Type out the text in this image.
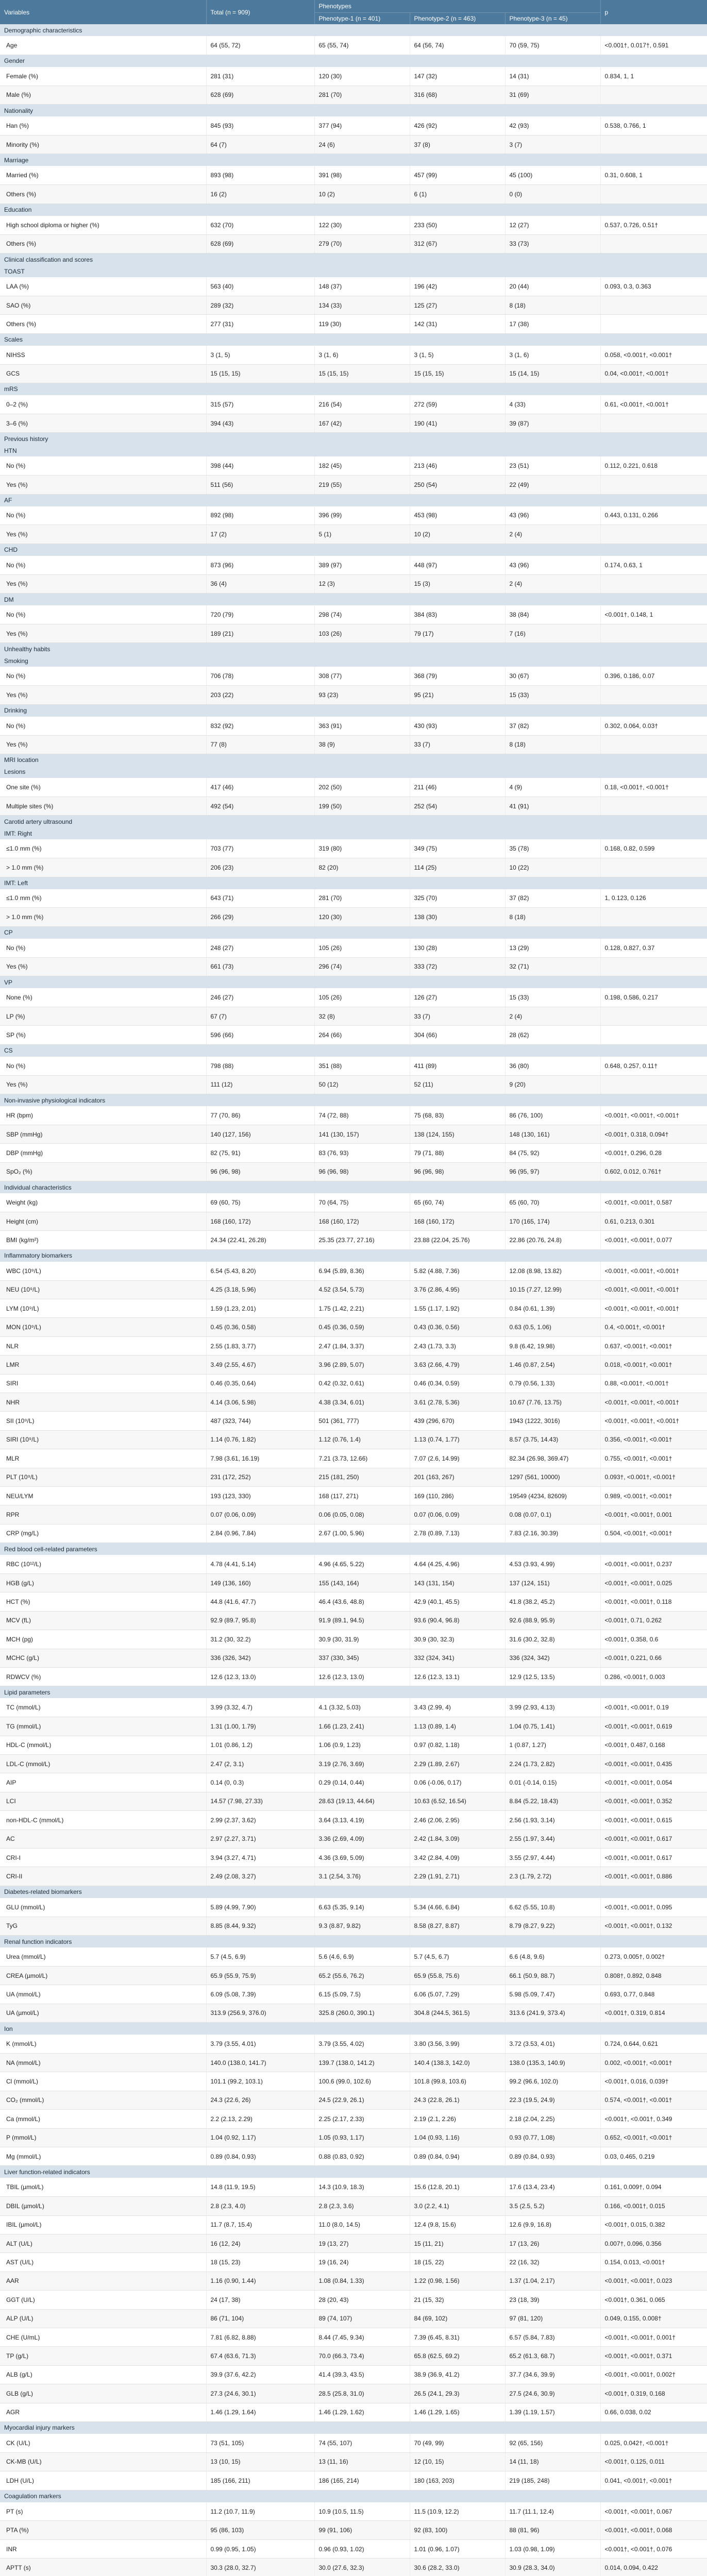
Variables	Total (n = 909)	Phenotypes			p
		Phenotype-1 (n = 401)	Phenotype-2 (n = 463)	Phenotype-3 (n = 45)	
Demographic characteristics					
Age	64 (55, 72)	65 (55, 74)	64 (56, 74)	70 (59, 75)	<0.001†, 0.017†, 0.591
Gender					
Female (%)	281 (31)	120 (30)	147 (32)	14 (31)	0.834, 1, 1
Male (%)	628 (69)	281 (70)	316 (68)	31 (69)	
Nationality					
Han (%)	845 (93)	377 (94)	426 (92)	42 (93)	0.538, 0.766, 1
Minority (%)	64 (7)	24 (6)	37 (8)	3 (7)	
Marriage					
Married (%)	893 (98)	391 (98)	457 (99)	45 (100)	0.31, 0.608, 1
Others (%)	16 (2)	10 (2)	6 (1)	0 (0)	
Education					
High school diploma or higher (%)	632 (70)	122 (30)	233 (50)	12 (27)	0.537, 0.726, 0.51†
Others (%)	628 (69)	279 (70)	312 (67)	33 (73)	
Clinical classification and scores					
TOAST					
LAA (%)	563 (40)	148 (37)	196 (42)	20 (44)	0.093, 0.3, 0.363
SAO (%)	289 (32)	134 (33)	125 (27)	8 (18)	
Others (%)	277 (31)	119 (30)	142 (31)	17 (38)	
Scales					
NIHSS	3 (1, 5)	3 (1, 6)	3 (1, 5)	3 (1, 6)	0.058, <0.001†, <0.001†
GCS	15 (15, 15)	15 (15, 15)	15 (15, 15)	15 (14, 15)	0.04, <0.001†, <0.001†
mRS					
0–2 (%)	315 (57)	216 (54)	272 (59)	4 (33)	0.61, <0.001†, <0.001†
3–6 (%)	394 (43)	167 (42)	190 (41)	39 (87)	
Previous history					
HTN					
No (%)	398 (44)	182 (45)	213 (46)	23 (51)	0.112, 0.221, 0.618
Yes (%)	511 (56)	219 (55)	250 (54)	22 (49)	
AF					
No (%)	892 (98)	396 (99)	453 (98)	43 (96)	0.443, 0.131, 0.266
Yes (%)	17 (2)	5 (1)	10 (2)	2 (4)	
CHD					
No (%)	873 (96)	389 (97)	448 (97)	43 (96)	0.174, 0.63, 1
Yes (%)	36 (4)	12 (3)	15 (3)	2 (4)	
DM					
No (%)	720 (79)	298 (74)	384 (83)	38 (84)	<0.001†, 0.148, 1
Yes (%)	189 (21)	103 (26)	79 (17)	7 (16)	
Unhealthy habits					
Smoking					
No (%)	706 (78)	308 (77)	368 (79)	30 (67)	0.396, 0.186, 0.07
Yes (%)	203 (22)	93 (23)	95 (21)	15 (33)	
Drinking					
No (%)	832 (92)	363 (91)	430 (93)	37 (82)	0.302, 0.064, 0.03†
Yes (%)	77 (8)	38 (9)	33 (7)	8 (18)	
MRI location					
Lesions					
One site (%)	417 (46)	202 (50)	211 (46)	4 (9)	0.18, <0.001†, <0.001†
Multiple sites (%)	492 (54)	199 (50)	252 (54)	41 (91)	
Carotid artery ultrasound					
IMT: Right					
≤1.0 mm (%)	703 (77)	319 (80)	349 (75)	35 (78)	0.168, 0.82, 0.599
> 1.0 mm (%)	206 (23)	82 (20)	114 (25)	10 (22)	
IMT: Left					
≤1.0 mm (%)	643 (71)	281 (70)	325 (70)	37 (82)	1, 0.123, 0.126
> 1.0 mm (%)	266 (29)	120 (30)	138 (30)	8 (18)	
CP					
No (%)	248 (27)	105 (26)	130 (28)	13 (29)	0.128, 0.827, 0.37
Yes (%)	661 (73)	296 (74)	333 (72)	32 (71)	
VP					
None (%)	246 (27)	105 (26)	126 (27)	15 (33)	0.198, 0.586, 0.217
LP (%)	67 (7)	32 (8)	33 (7)	2 (4)	
SP (%)	596 (66)	264 (66)	304 (66)	28 (62)	
CS					
No (%)	798 (88)	351 (88)	411 (89)	36 (80)	0.648, 0.257, 0.11†
Yes (%)	111 (12)	50 (12)	52 (11)	9 (20)	
Non-invasive physiological indicators					
HR (bpm)	77 (70, 86)	74 (72, 88)	75 (68, 83)	86 (76, 100)	<0.001†, <0.001†, <0.001†
SBP (mmHg)	140 (127, 156)	141 (130, 157)	138 (124, 155)	148 (130, 161)	<0.001†, 0.318, 0.094†
DBP (mmHg)	82 (75, 91)	83 (76, 93)	79 (71, 88)	84 (75, 92)	<0.001†, 0.296, 0.28
SpO₂ (%)	96 (96, 98)	96 (96, 98)	96 (96, 98)	96 (95, 97)	0.602, 0.012, 0.761†
Individual characteristics					
Weight (kg)	69 (60, 75)	70 (64, 75)	65 (60, 74)	65 (60, 70)	<0.001†, <0.001†, 0.587
Height (cm)	168 (160, 172)	168 (160, 172)	168 (160, 172)	170 (165, 174)	0.61, 0.213, 0.301
BMI (kg/m²)	24.34 (22.41, 26.28)	25.35 (23.77, 27.16)	23.88 (22.04, 25.76)	22.86 (20.76, 24.8)	<0.001†, <0.001†, 0.077
Inflammatory biomarkers					
WBC (10⁹/L)	6.54 (5.43, 8.20)	6.94 (5.89, 8.36)	5.82 (4.88, 7.36)	12.08 (8.98, 13.82)	<0.001†, <0.001†, <0.001†
NEU (10⁹/L)	4.25 (3.18, 5.96)	4.52 (3.54, 5.73)	3.76 (2.86, 4.95)	10.15 (7.27, 12.99)	<0.001†, <0.001†, <0.001†
LYM (10⁹/L)	1.59 (1.23, 2.01)	1.75 (1.42, 2.21)	1.55 (1.17, 1.92)	0.84 (0.61, 1.39)	<0.001†, <0.001†, <0.001†
MON (10⁹/L)	0.45 (0.36, 0.58)	0.45 (0.36, 0.59)	0.43 (0.36, 0.56)	0.63 (0.5, 1.06)	0.4, <0.001†, <0.001†
NLR	2.55 (1.83, 3.77)	2.47 (1.84, 3.37)	2.43 (1.73, 3.3)	9.8 (6.42, 19.98)	0.637, <0.001†, <0.001†
LMR	3.49 (2.55, 4.67)	3.96 (2.89, 5.07)	3.63 (2.66, 4.79)	1.46 (0.87, 2.54)	0.018, <0.001†, <0.001†
SIRI	0.46 (0.35, 0.64)	0.42 (0.32, 0.61)	0.46 (0.34, 0.59)	0.79 (0.56, 1.33)	0.88, <0.001†, <0.001†
NHR	4.14 (3.06, 5.98)	4.38 (3.34, 6.01)	3.61 (2.78, 5.36)	10.67 (7.76, 13.75)	<0.001†, <0.001†, <0.001†
SII (10⁹/L)	487 (323, 744)	501 (361, 777)	439 (296, 670)	1943 (1222, 3016)	<0.001†, <0.001†, <0.001†
SIRI (10⁹/L)	1.14 (0.76, 1.82)	1.12 (0.76, 1.4)	1.13 (0.74, 1.77)	8.57 (3.75, 14.43)	0.356, <0.001†, <0.001†
MLR	7.98 (3.61, 16.19)	7.21 (3.73, 12.66)	7.07 (2.6, 14.99)	82.34 (26.98, 369.47)	0.755, <0.001†, <0.001†
PLT (10⁹/L)	231 (172, 252)	215 (181, 250)	201 (163, 267)	1297 (561, 10000)	0.093†, <0.001†, <0.001†
NEU/LYM	193 (123, 330)	168 (117, 271)	169 (110, 286)	19549 (4234, 82609)	0.989, <0.001†, <0.001†
RPR	0.07 (0.06, 0.09)	0.06 (0.05, 0.08)	0.07 (0.06, 0.09)	0.08 (0.07, 0.1)	<0.001†, <0.001†, 0.001
CRP (mg/L)	2.84 (0.96, 7.84)	2.67 (1.00, 5.96)	2.78 (0.89, 7.13)	7.83 (2.16, 30.39)	0.504, <0.001†, <0.001†
Red blood cell-related parameters					
RBC (10¹²/L)	4.78 (4.41, 5.14)	4.96 (4.65, 5.22)	4.64 (4.25, 4.96)	4.53 (3.93, 4.99)	<0.001†, <0.001†, 0.237
HGB (g/L)	149 (136, 160)	155 (143, 164)	143 (131, 154)	137 (124, 151)	<0.001†, <0.001†, 0.025
HCT (%)	44.8 (41.6, 47.7)	46.4 (43.6, 48.8)	42.9 (40.1, 45.5)	41.8 (38.2, 45.2)	<0.001†, <0.001†, 0.118
MCV (fL)	92.9 (89.7, 95.8)	91.9 (89.1, 94.5)	93.6 (90.4, 96.8)	92.6 (88.9, 95.9)	<0.001†, 0.71, 0.262
MCH (pg)	31.2 (30, 32.2)	30.9 (30, 31.9)	30.9 (30, 32.3)	31.6 (30.2, 32.8)	<0.001†, 0.358, 0.6
MCHC (g/L)	336 (326, 342)	337 (330, 345)	332 (324, 341)	336 (324, 342)	<0.001†, 0.221, 0.66
RDWCV (%)	12.6 (12.3, 13.0)	12.6 (12.3, 13.0)	12.6 (12.3, 13.1)	12.9 (12.5, 13.5)	0.286, <0.001†, 0.003
Lipid parameters					
TC (mmol/L)	3.99 (3.32, 4.7)	4.1 (3.32, 5.03)	3.43 (2.99, 4)	3.99 (2.93, 4.13)	<0.001†, <0.001†, 0.19
TG (mmol/L)	1.31 (1.00, 1.79)	1.66 (1.23, 2.41)	1.13 (0.89, 1.4)	1.04 (0.75, 1.41)	<0.001†, <0.001†, 0.619
HDL-C (mmol/L)	1.01 (0.86, 1.2)	1.06 (0.9, 1.23)	0.97 (0.82, 1.18)	1 (0.87, 1.27)	<0.001†, 0.487, 0.168
LDL-C (mmol/L)	2.47 (2, 3.1)	3.19 (2.76, 3.69)	2.29 (1.89, 2.67)	2.24 (1.73, 2.82)	<0.001†, <0.001†, 0.435
AIP	0.14 (0, 0.3)	0.29 (0.14, 0.44)	0.06 (-0.06, 0.17)	0.01 (-0.14, 0.15)	<0.001†, <0.001†, 0.054
LCI	14.57 (7.98, 27.33)	28.63 (19.13, 44.64)	10.63 (6.52, 16.54)	8.84 (5.22, 18.43)	<0.001†, <0.001†, 0.352
non-HDL-C (mmol/L)	2.99 (2.37, 3.62)	3.64 (3.13, 4.19)	2.46 (2.06, 2.95)	2.56 (1.93, 3.14)	<0.001†, <0.001†, 0.615
AC	2.97 (2.27, 3.71)	3.36 (2.69, 4.09)	2.42 (1.84, 3.09)	2.55 (1.97, 3.44)	<0.001†, <0.001†, 0.617
CRI-I	3.94 (3.27, 4.71)	4.36 (3.69, 5.09)	3.42 (2.84, 4.09)	3.55 (2.97, 4.44)	<0.001†, <0.001†, 0.617
CRI-II	2.49 (2.08, 3.27)	3.1 (2.54, 3.76)	2.29 (1.91, 2.71)	2.3 (1.79, 2.72)	<0.001†, <0.001†, 0.886
Diabetes-related biomarkers					
GLU (mmol/L)	5.89 (4.99, 7.90)	6.63 (5.35, 9.14)	5.34 (4.66, 6.84)	6.62 (5.55, 10.8)	<0.001†, <0.001†, 0.095
TyG	8.85 (8.44, 9.32)	9.3 (8.87, 9.82)	8.58 (8.27, 8.87)	8.79 (8.27, 9.22)	<0.001†, <0.001†, 0.132
Renal function indicators					
Urea (mmol/L)	5.7 (4.5, 6.9)	5.6 (4.6, 6.9)	5.7 (4.5, 6.7)	6.6 (4.8, 9.6)	0.273, 0.005†, 0.002†
CREA (µmol/L)	65.9 (55.9, 75.9)	65.2 (55.6, 76.2)	65.9 (55.8, 75.6)	66.1 (50.9, 88.7)	0.808†, 0.892, 0.848
UA (mmol/L)	6.09 (5.08, 7.39)	6.15 (5.09, 7.5)	6.06 (5.07, 7.29)	5.98 (5.09, 7.47)	0.693, 0.77, 0.848
UA (µmol/L)	313.9 (256.9, 376.0)	325.8 (260.0, 390.1)	304.8 (244.5, 361.5)	313.6 (241.9, 373.4)	<0.001†, 0.319, 0.814
Ion					
K (mmol/L)	3.79 (3.55, 4.01)	3.79 (3.55, 4.02)	3.80 (3.56, 3.99)	3.72 (3.53, 4.01)	0.724, 0.644, 0.621
NA (mmol/L)	140.0 (138.0, 141.7)	139.7 (138.0, 141.2)	140.4 (138.3, 142.0)	138.0 (135.3, 140.9)	0.002, <0.001†, <0.001†
Cl (mmol/L)	101.1 (99.2, 103.1)	100.6 (99.0, 102.6)	101.8 (99.8, 103.6)	99.2 (96.6, 102.0)	<0.001†, 0.016, 0.039†
CO₂ (mmol/L)	24.3 (22.6, 26)	24.5 (22.9, 26.1)	24.3 (22.8, 26.1)	22.3 (19.5, 24.9)	0.574, <0.001†, <0.001†
Ca (mmol/L)	2.2 (2.13, 2.29)	2.25 (2.17, 2.33)	2.19 (2.1, 2.26)	2.18 (2.04, 2.25)	<0.001†, <0.001†, 0.349
P (mmol/L)	1.04 (0.92, 1.17)	1.05 (0.93, 1.17)	1.04 (0.93, 1.16)	0.93 (0.77, 1.08)	0.652, <0.001†, <0.001†
Mg (mmol/L)	0.89 (0.84, 0.93)	0.88 (0.83, 0.92)	0.89 (0.84, 0.94)	0.89 (0.84, 0.93)	0.03, 0.465, 0.219
Liver function-related indicators					
TBIL (µmol/L)	14.8 (11.9, 19.5)	14.3 (10.9, 18.3)	15.6 (12.8, 20.1)	17.6 (13.4, 23.4)	0.161, 0.009†, 0.094
DBIL (µmol/L)	2.8 (2.3, 4.0)	2.8 (2.3, 3.6)	3.0 (2.2, 4.1)	3.5 (2.5, 5.2)	0.166, <0.001†, 0.015
IBIL (µmol/L)	11.7 (8.7, 15.4)	11.0 (8.0, 14.5)	12.4 (9.8, 15.6)	12.6 (9.9, 16.8)	<0.001†, 0.015, 0.382
ALT (U/L)	16 (12, 24)	19 (13, 27)	15 (11, 21)	17 (13, 26)	0.007†, 0.096, 0.356
AST (U/L)	18 (15, 23)	19 (16, 24)	18 (15, 22)	22 (16, 32)	0.154, 0.013, <0.001†
AAR	1.16 (0.90, 1.44)	1.08 (0.84, 1.33)	1.22 (0.98, 1.56)	1.37 (1.04, 2.17)	<0.001†, <0.001†, 0.023
GGT (U/L)	24 (17, 38)	28 (20, 43)	21 (15, 32)	23 (18, 39)	<0.001†, 0.361, 0.065
ALP (U/L)	86 (71, 104)	89 (74, 107)	84 (69, 102)	97 (81, 120)	0.049, 0.155, 0.008†
CHE (U/mL)	7.81 (6.82, 8.88)	8.44 (7.45, 9.34)	7.39 (6.45, 8.31)	6.57 (5.84, 7.83)	<0.001†, <0.001†, 0.001†
TP (g/L)	67.4 (63.6, 71.3)	70.0 (66.3, 73.4)	65.8 (62.5, 69.2)	65.2 (61.3, 68.7)	<0.001†, <0.001†, 0.371
ALB (g/L)	39.9 (37.6, 42.2)	41.4 (39.3, 43.5)	38.9 (36.9, 41.2)	37.7 (34.6, 39.9)	<0.001†, <0.001†, 0.002†
GLB (g/L)	27.3 (24.6, 30.1)	28.5 (25.8, 31.0)	26.5 (24.1, 29.3)	27.5 (24.6, 30.9)	<0.001†, 0.319, 0.168
AGR	1.46 (1.29, 1.64)	1.46 (1.29, 1.62)	1.46 (1.29, 1.65)	1.39 (1.19, 1.57)	0.66, 0.038, 0.02
Myocardial injury markers					
CK (U/L)	73 (51, 105)	74 (55, 107)	70 (49, 99)	92 (65, 156)	0.025, 0.042†, <0.001†
CK-MB (U/L)	13 (10, 15)	13 (11, 16)	12 (10, 15)	14 (11, 18)	<0.001†, 0.125, 0.011
LDH (U/L)	185 (166, 211)	186 (165, 214)	180 (163, 203)	219 (185, 248)	0.041, <0.001†, <0.001†
Coagulation markers					
PT (s)	11.2 (10.7, 11.9)	10.9 (10.5, 11.5)	11.5 (10.9, 12.2)	11.7 (11.1, 12.4)	<0.001†, <0.001†, 0.067
PTA (%)	95 (86, 103)	99 (91, 106)	92 (83, 100)	88 (81, 96)	<0.001†, <0.001†, 0.068
INR	0.99 (0.95, 1.05)	0.96 (0.93, 1.02)	1.01 (0.96, 1.07)	1.03 (0.98, 1.09)	<0.001†, <0.001†, 0.076
APTT (s)	30.3 (28.0, 32.7)	30.0 (27.6, 32.3)	30.6 (28.2, 33.0)	30.9 (28.3, 34.0)	0.014, 0.094, 0.422
